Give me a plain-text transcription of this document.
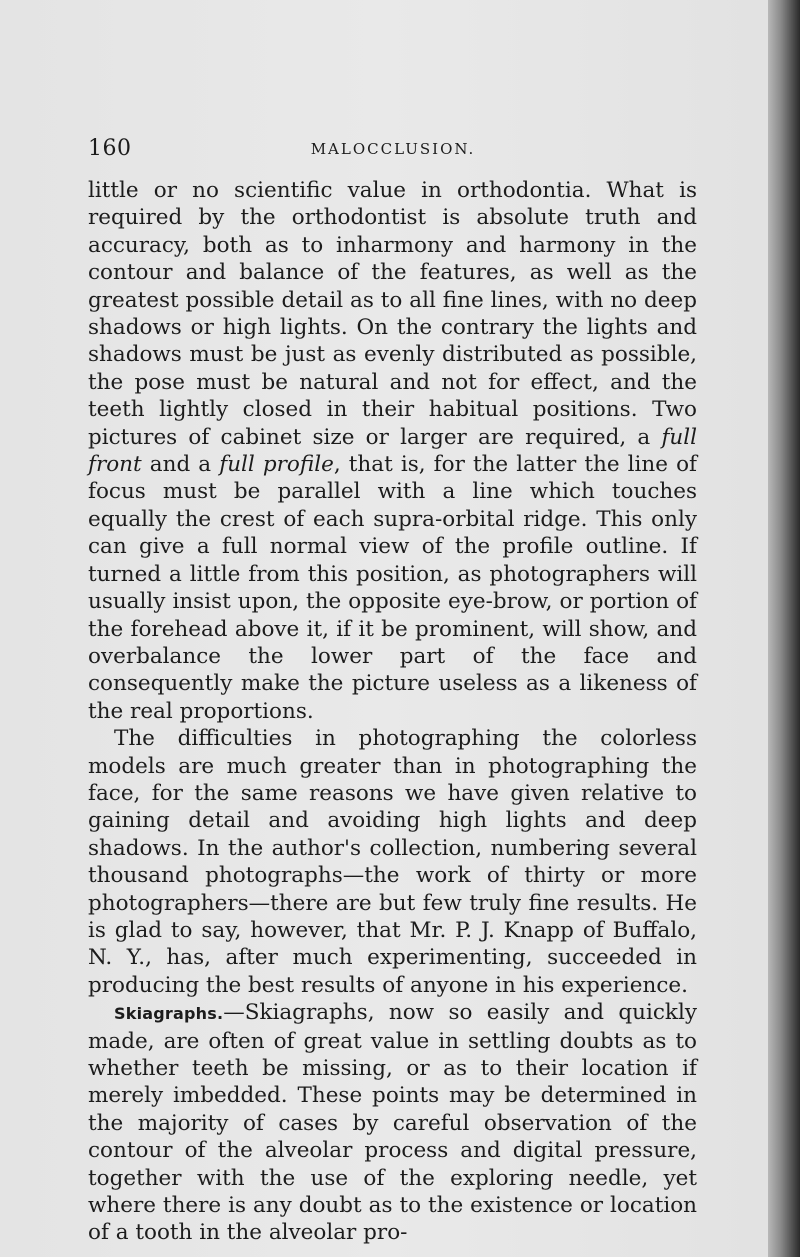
160	MALOCCLUSION.

little or no scientific value in orthodontia. What is required by the orthodontist is absolute truth and accuracy, both as to inharmony and harmony in the contour and balance of the features, as well as the greatest possible detail as to all fine lines, with no deep shadows or high lights. On the contrary the lights and shadows must be just as evenly distributed as possible, the pose must be natural and not for effect, and the teeth lightly closed in their habitual positions. Two pictures of cabinet size or larger are required, a full front and a full profile, that is, for the latter the line of focus must be parallel with a line which touches equally the crest of each supra-orbital ridge. This only can give a full normal view of the profile outline. If turned a little from this position, as photographers will usually insist upon, the opposite eye-brow, or portion of the forehead above it, if it be prominent, will show, and overbalance the lower part of the face and consequently make the picture useless as a likeness of the real proportions.

The difficulties in photographing the colorless models are much greater than in photographing the face, for the same reasons we have given relative to gaining detail and avoiding high lights and deep shadows. In the author's collection, numbering several thousand photographs—the work of thirty or more photographers—there are but few truly fine results. He is glad to say, however, that Mr. P. J. Knapp of Buffalo, N. Y., has, after much experimenting, succeeded in producing the best results of anyone in his experience.

Skiagraphs.—Skiagraphs, now so easily and quickly made, are often of great value in settling doubts as to whether teeth be missing, or as to their location if merely imbedded. These points may be determined in the majority of cases by careful observation of the contour of the alveolar process and digital pressure, together with the use of the exploring needle, yet where there is any doubt as to the existence or location of a tooth in the alveolar pro-
